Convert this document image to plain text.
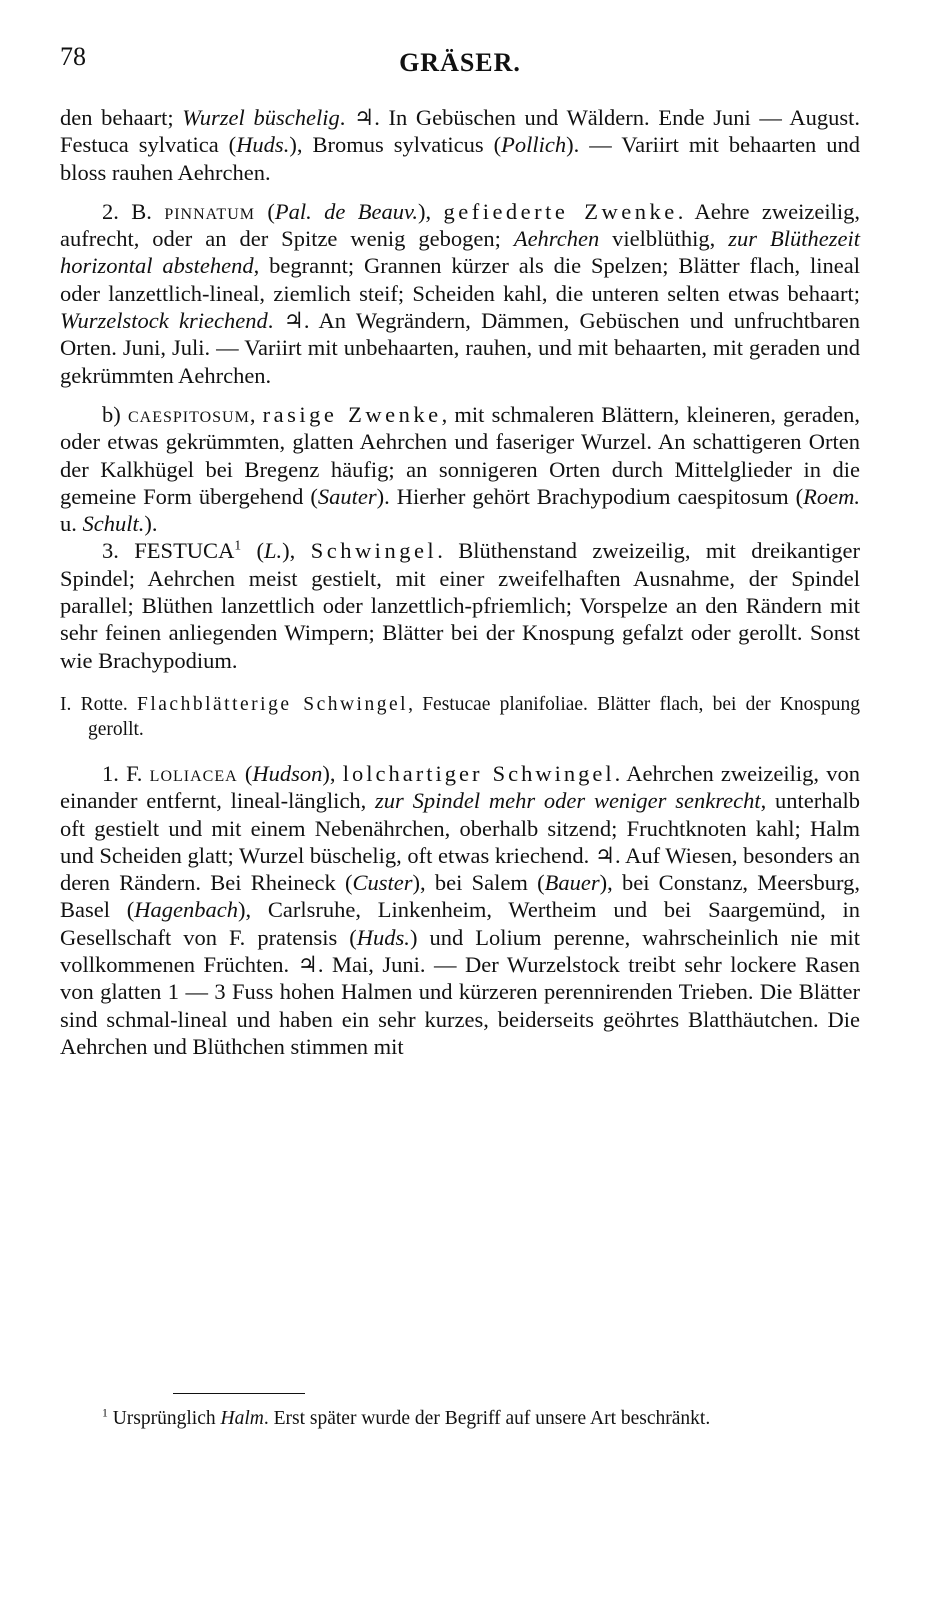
78	GRÄSER.

den behaart; Wurzel büschelig. ♃. In Gebüschen und Wäldern. Ende Juni — August. Festuca sylvatica (Huds.), Bromus sylvaticus (Pollich). — Variirt mit behaarten und bloss rauhen Aehrchen.

2. B. pinnatum (Pal. de Beauv.), gefiederte Zwenke. Aehre zweizeilig, aufrecht, oder an der Spitze wenig gebogen; Aehrchen vielblüthig, zur Blüthezeit horizontal abstehend, begrannt; Grannen kürzer als die Spelzen; Blätter flach, lineal oder lanzettlich-lineal, ziemlich steif; Scheiden kahl, die unteren selten etwas behaart; Wurzelstock kriechend. ♃. An Wegrändern, Dämmen, Gebüschen und unfruchtbaren Orten. Juni, Juli. — Variirt mit unbehaarten, rauhen, und mit behaarten, mit geraden und gekrümmten Aehrchen.

b) caespitosum, rasige Zwenke, mit schmaleren Blättern, kleineren, geraden, oder etwas gekrümmten, glatten Aehrchen und faseriger Wurzel. An schattigeren Orten der Kalkhügel bei Bregenz häufig; an sonnigeren Orten durch Mittelglieder in die gemeine Form übergehend (Sauter). Hierher gehört Brachypodium caespitosum (Roem. u. Schult.).

3. FESTUCA$^1$ (L.), Schwingel. Blüthenstand zweizeilig, mit dreikantiger Spindel; Aehrchen meist gestielt, mit einer zweifelhaften Ausnahme, der Spindel parallel; Blüthen lanzettlich oder lanzettlich-pfriemlich; Vorspelze an den Rändern mit sehr feinen anliegenden Wimpern; Blätter bei der Knospung gefalzt oder gerollt. Sonst wie Brachypodium.

I. Rotte. Flachblätterige Schwingel, Festucae planifoliae. Blätter flach, bei der Knospung gerollt.

1. F. loliacea (Hudson), lolchartiger Schwingel. Aehrchen zweizeilig, von einander entfernt, lineal-länglich, zur Spindel mehr oder weniger senkrecht, unterhalb oft gestielt und mit einem Nebenährchen, oberhalb sitzend; Fruchtknoten kahl; Halm und Scheiden glatt; Wurzel büschelig, oft etwas kriechend. ♃. Auf Wiesen, besonders an deren Rändern. Bei Rheineck (Custer), bei Salem (Bauer), bei Constanz, Meersburg, Basel (Hagenbach), Carlsruhe, Linkenheim, Wertheim und bei Saargemünd, in Gesellschaft von F. pratensis (Huds.) und Lolium perenne, wahrscheinlich nie mit vollkommenen Früchten. ♃. Mai, Juni. — Der Wurzelstock treibt sehr lockere Rasen von glatten 1 — 3 Fuss hohen Halmen und kürzeren perennirenden Trieben. Die Blätter sind schmal-lineal und haben ein sehr kurzes, beiderseits geöhrtes Blatthäutchen. Die Aehrchen und Blüthchen stimmen mit

$^1$ Ursprünglich Halm. Erst später wurde der Begriff auf unsere Art beschränkt.
